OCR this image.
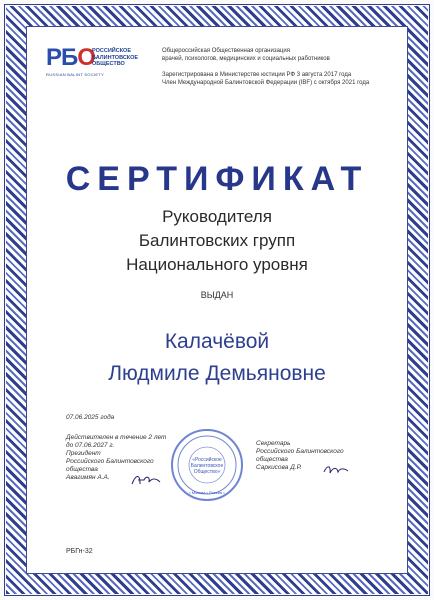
РБО
РОССИЙСКОЕ БАЛИНТОВСКОЕ ОБЩЕСТВО
RUSSIAN BALINT SOCIETY
Общероссийская Общественная организация
врачей, психологов, медицинских и социальных работников
Зарегистрирована в Министерстве юстиции РФ 3 августа 2017 года
Член Международной Балинтовской Федерации (IBF) с октября 2021 года
СЕРТИФИКАТ
Руководителя
Балинтовских групп
Национального уровня
ВЫДАН
Калачёвой
Людмиле Демьяновне
07.06.2025 года
Действителен в течение 2 лет
до 07.06.2027 г.
Президент
Российского Балинтовского
общества
Авагимян А.А.
«Российское
Балинтовское
Общество»
• Москва • Россия •
Секретарь
Российского Балинтовского
общества
Саркисова Д.Р.
РБГн-32
